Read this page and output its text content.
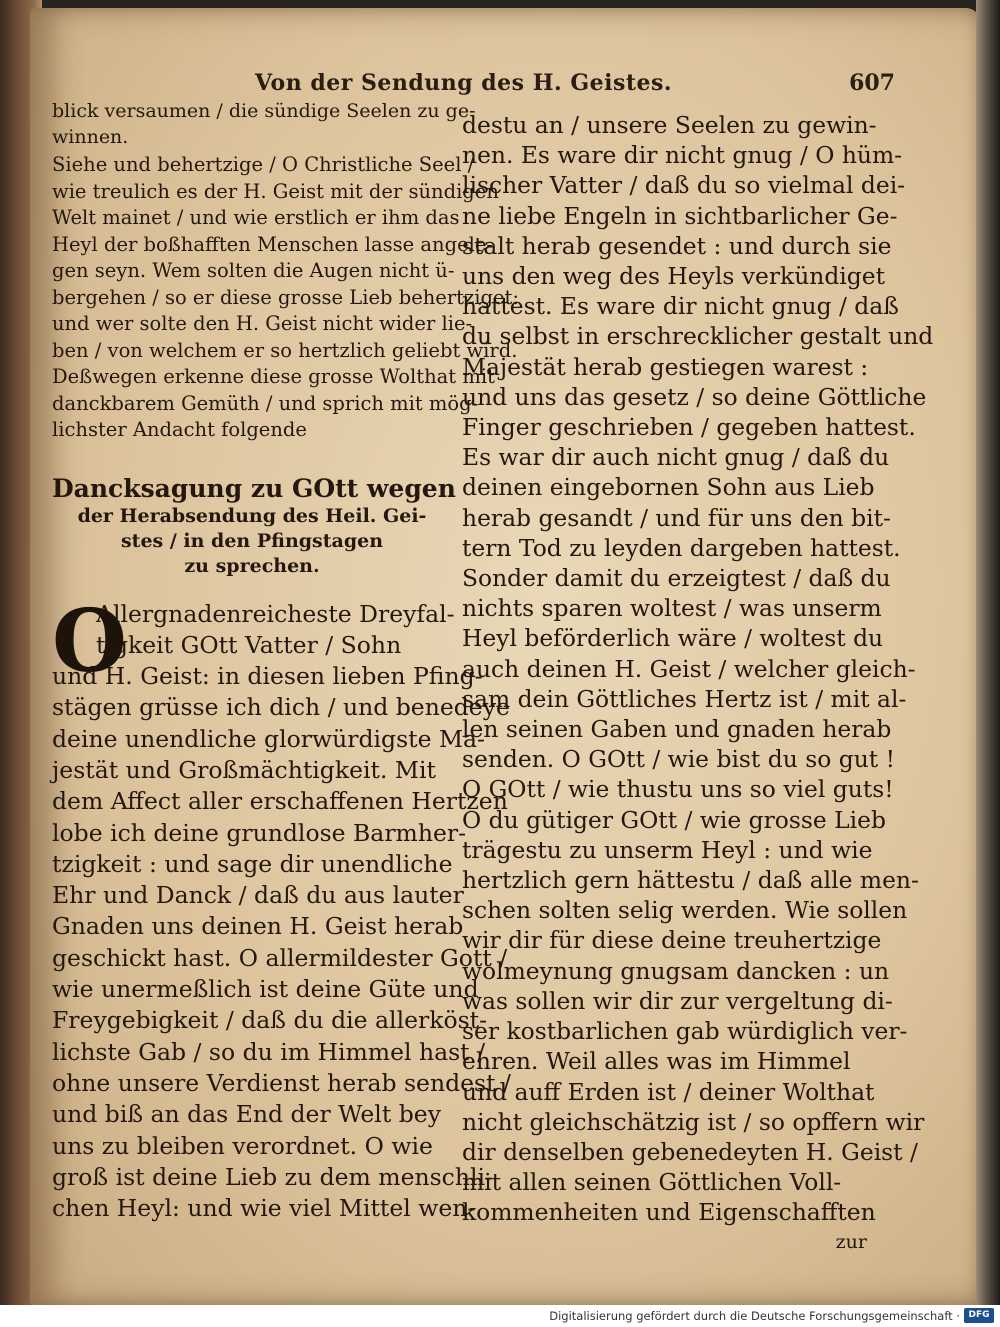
Von der Sendung des H. Geistes.	607
blick versaumen / die sündige Seelen zu ge-
winnen.
Siehe und behertzige / O Christliche Seel /
wie treulich es der H. Geist mit der sündigen
Welt mainet / und wie erstlich er ihm das
Heyl der boßhafften Menschen lasse angele-
gen seyn. Wem solten die Augen nicht ü-
bergehen / so er diese grosse Lieb behertziget:
und wer solte den H. Geist nicht wider lie-
ben / von welchem er so hertzlich geliebt wird.
Deßwegen erkenne diese grosse Wolthat mit
danckbarem Gemüth / und sprich mit mög-
lichster Andacht folgende
Dancksagung zu GOtt wegen
der Herabsendung des Heil. Gei-
stes / in den Pfingstagen
zu sprechen.
O
Allergnadenreicheste Dreyfal-
tigkeit GOtt Vatter / Sohn
und H. Geist: in diesen lieben Pfing-
stägen grüsse ich dich / und benedeye
deine unendliche glorwürdigste Ma-
jestät und Großmächtigkeit. Mit
dem Affect aller erschaffenen Hertzen
lobe ich deine grundlose Barmher-
tzigkeit : und sage dir unendliche
Ehr und Danck / daß du aus lauter
Gnaden uns deinen H. Geist herab
geschickt hast. O allermildester Gott /
wie unermeßlich ist deine Güte und
Freygebigkeit / daß du die allerköst-
lichste Gab / so du im Himmel hast /
ohne unsere Verdienst herab sendest /
und biß an das End der Welt bey
uns zu bleiben verordnet. O wie
groß ist deine Lieb zu dem menschli-
chen Heyl: und wie viel Mittel wen-
destu an / unsere Seelen zu gewin-
nen. Es ware dir nicht gnug / O hüm-
lischer Vatter / daß du so vielmal dei-
ne liebe Engeln in sichtbarlicher Ge-
stalt herab gesendet : und durch sie
uns den weg des Heyls verkündiget
hattest. Es ware dir nicht gnug / daß
du selbst in erschrecklicher gestalt und
Majestät herab gestiegen warest :
und uns das gesetz / so deine Göttliche
Finger geschrieben / gegeben hattest.
Es war dir auch nicht gnug / daß du
deinen eingebornen Sohn aus Lieb
herab gesandt / und für uns den bit-
tern Tod zu leyden dargeben hattest.
Sonder damit du erzeigtest / daß du
nichts sparen woltest / was unserm
Heyl beförderlich wäre / woltest du
auch deinen H. Geist / welcher gleich-
sam dein Göttliches Hertz ist / mit al-
len seinen Gaben und gnaden herab
senden. O GOtt / wie bist du so gut !
O GOtt / wie thustu uns so viel guts!
O du gütiger GOtt / wie grosse Lieb
trägestu zu unserm Heyl : und wie
hertzlich gern hättestu / daß alle men-
schen solten selig werden. Wie sollen
wir dir für diese deine treuhertzige
wolmeynung gnugsam dancken : un
was sollen wir dir zur vergeltung di-
ser kostbarlichen gab würdiglich ver-
ehren. Weil alles was im Himmel
und auff Erden ist / deiner Wolthat
nicht gleichschätzig ist / so opffern wir
dir denselben gebenedeyten H. Geist /
mit allen seinen Göttlichen Voll-
kommenheiten und Eigenschafften
zur
Digitalisierung gefördert durch die Deutsche Forschungsgemeinschaft · DFG
